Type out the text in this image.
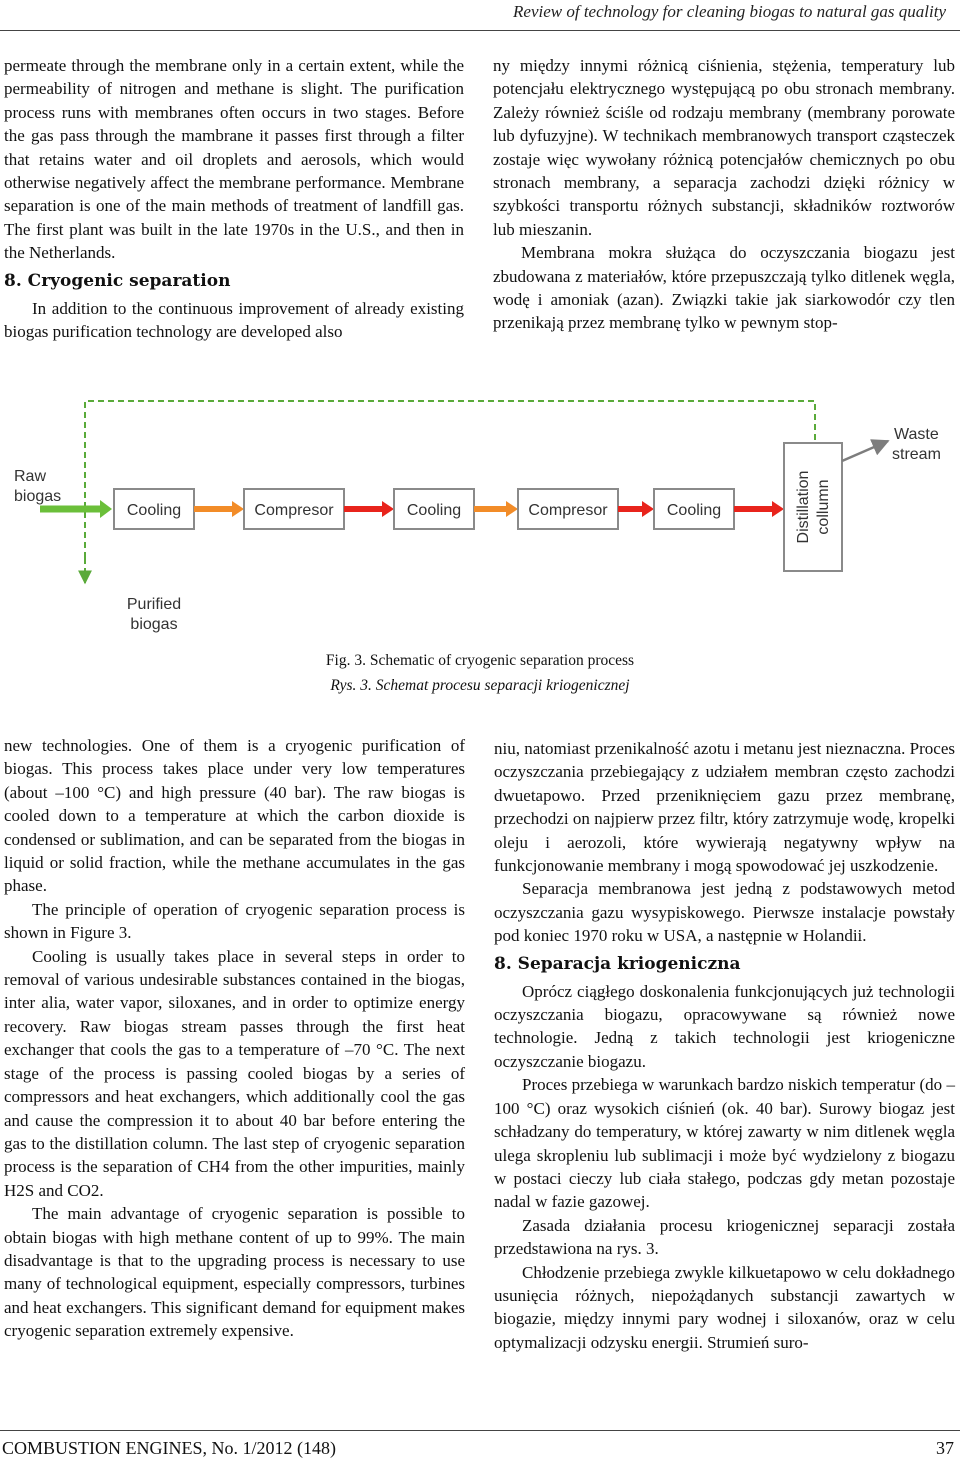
Review of technology for cleaning biogas to natural gas quality

permeate through the membrane only in a certain extent, while the permeability of nitrogen and methane is slight. The purification process runs with membranes often occurs in two stages. Before the gas pass through the mambrane it passes first through a filter that retains water and oil droplets and aerosols, which would otherwise negatively affect the membrane performance. Membrane separation is one of the main methods of treatment of landfill gas. The first plant was built in the late 1970s in the U.S., and then in the Netherlands.

8. Cryogenic separation

In addition to the continuous improvement of already existing biogas purification technology are developed also

ny między innymi różnicą ciśnienia, stężenia, temperatury lub potencjału elektrycznego występującą po obu stronach membrany. Zależy również ściśle od rodzaju membrany (membrany porowate lub dyfuzyjne). W technikach membranowych transport cząsteczek zostaje więc wywołany różnicą potencjałów chemicznych po obu stronach membrany, a separacja zachodzi dzięki różnicy w szybkości transportu różnych substancji, składników roztworów lub mieszanin.

Membrana mokra służąca do oczyszczania biogazu jest zbudowana z materiałów, które przepuszczają tylko ditlenek węgla, wodę i amoniak (azan). Związki takie jak siarkowodór czy tlen przenikają przez membranę tylko w pewnym stop-

Raw
biogas
Cooling	Compresor	Cooling	Compresor	Cooling	Distillation collumn
Waste
stream
Purified
biogas
Fig. 3. Schematic of cryogenic separation process
Rys. 3. Schemat procesu separacji kriogenicznej

new technologies. One of them is a cryogenic purification of biogas. This process takes place under very low temperatures (about –100 °C) and high pressure (40 bar). The raw biogas is cooled down to a temperature at which the carbon dioxide is condensed or sublimation, and can be separated from the biogas in liquid or solid fraction, while the methane accumulates in the gas phase.

The principle of operation of cryogenic separation process is shown in Figure 3.

Cooling is usually takes place in several steps in order to removal of various undesirable substances contained in the biogas, inter alia, water vapor, siloxanes, and in order to optimize energy recovery. Raw biogas stream passes through the first heat exchanger that cools the gas to a temperature of –70 °C. The next stage of the process is passing cooled biogas by a series of compressors and heat exchangers, which additionally cool the gas and cause the compression it to about 40 bar before entering the gas to the distillation column. The last step of cryogenic separation process is the separation of CH4 from the other impurities, mainly H2S and CO2.

The main advantage of cryogenic separation is possible to obtain biogas with high methane content of up to 99%. The main disadvantage is that to the upgrading process is necessary to use many of technological equipment, especially compressors, turbines and heat exchangers. This significant demand for equipment makes cryogenic separation extremely expensive.

niu, natomiast przenikalność azotu i metanu jest nieznaczna. Proces oczyszczania przebiegający z udziałem membran często zachodzi dwuetapowo. Przed przeniknięciem gazu przez membranę, przechodzi on najpierw przez filtr, który zatrzymuje wodę, kropelki oleju i aerozoli, które wywierają negatywny wpływ na funkcjonowanie membrany i mogą spowodować jej uszkodzenie.

Separacja membranowa jest jedną z podstawowych metod oczyszczania gazu wysypiskowego. Pierwsze instalacje powstały pod koniec 1970 roku w USA, a następnie w Holandii.

8. Separacja kriogeniczna

Oprócz ciągłego doskonalenia funkcjonujących już technologii oczyszczania biogazu, opracowywane są również nowe technologie. Jedną z takich technologii jest kriogeniczne oczyszczanie biogazu.

Proces przebiega w warunkach bardzo niskich temperatur (do –100 °C) oraz wysokich ciśnień (ok. 40 bar). Surowy biogaz jest schładzany do temperatury, w której zawarty w nim ditlenek węgla ulega skropleniu lub sublimacji i może być wydzielony z biogazu w postaci cieczy lub ciała stałego, podczas gdy metan pozostaje nadal w fazie gazowej.

Zasada działania procesu kriogenicznej separacji została przedstawiona na rys. 3.

Chłodzenie przebiega zwykle kilkuetapowo w celu dokładnego usunięcia różnych, niepożądanych substancji zawartych w biogazie, między innymi pary wodnej i siloxanów, oraz w celu optymalizacji odzysku energii. Strumień suro-

COMBUSTION ENGINES, No. 1/2012 (148)	37
